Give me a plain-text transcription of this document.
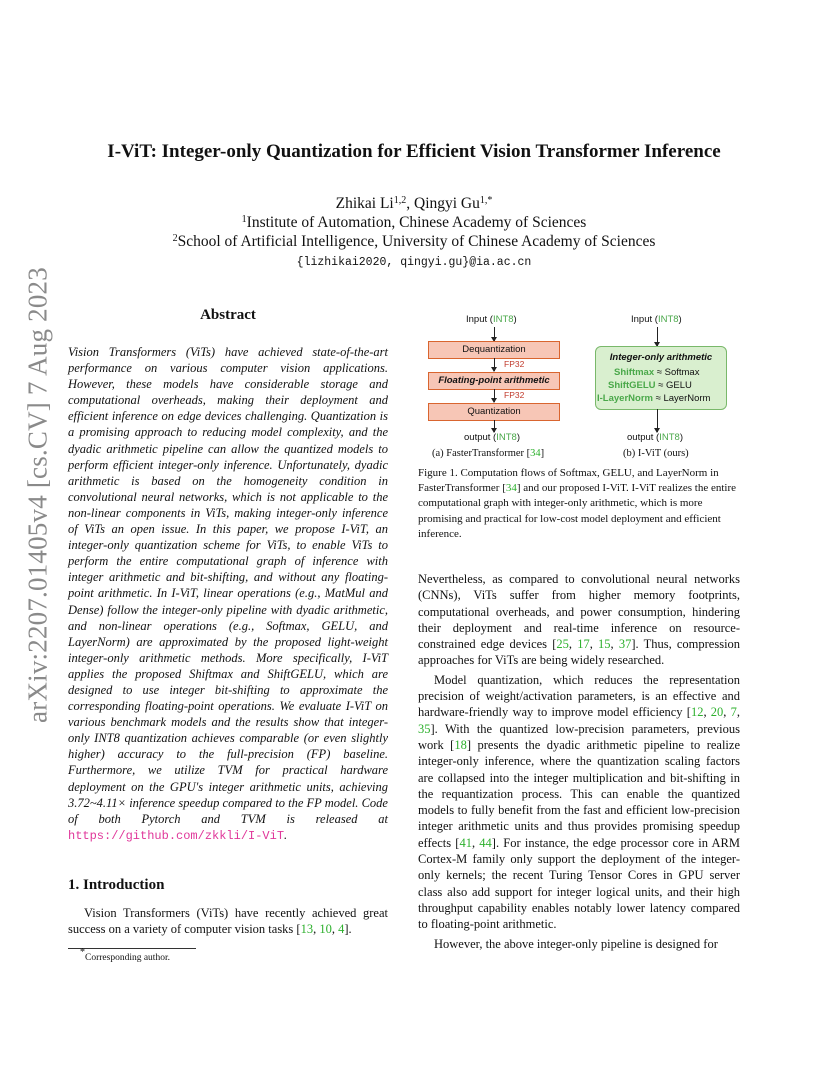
arXiv:2207.01405v4 [cs.CV] 7 Aug 2023
I-ViT: Integer-only Quantization for Efficient Vision Transformer Inference
Zhikai Li$^{1,2}$, Qingyi $Gu^{1,*}$
$^1$Institute of Automation, Chinese Academy of Sciences
$^2$School of Artificial Intelligence, University of Chinese Academy of Sciences
{lizhikai2020, qingyi.gu}@ia.ac.cn
Abstract
Vision Transformers (ViTs) have achieved state-of-the-art performance on various computer vision applications. However, these models have considerable storage and computational overheads, making their deployment and efficient inference on edge devices challenging. Quantization is a promising approach to reducing model complexity, and the dyadic arithmetic pipeline can allow the quantized models to perform efficient integer-only inference. Unfortunately, dyadic arithmetic is based on the homogeneity condition in convolutional neural networks, which is not applicable to the non-linear components in ViTs, making integer-only inference of ViTs an open issue. In this paper, we propose I-ViT, an integer-only quantization scheme for ViTs, to enable ViTs to perform the entire computational graph of inference with integer arithmetic and bit-shifting, and without any floating-point arithmetic. In I-ViT, linear operations (e.g., MatMul and Dense) follow the integer-only pipeline with dyadic arithmetic, and non-linear operations (e.g., Softmax, GELU, and LayerNorm) are approximated by the proposed light-weight integer-only arithmetic methods. More specifically, I-ViT applies the proposed Shiftmax and ShiftGELU, which are designed to use integer bit-shifting to approximate the corresponding floating-point operations. We evaluate I-ViT on various benchmark models and the results show that integer-only INT8 quantization achieves comparable (or even slightly higher) accuracy to the full-precision (FP) baseline. Furthermore, we utilize TVM for practical hardware deployment on the GPU's integer arithmetic units, achieving 3.72~4.11× inference speedup compared to the FP model. Code of both Pytorch and TVM is released at https://github.com/zkkli/I-ViT.
1. Introduction
Vision Transformers (ViTs) have recently achieved great success on a variety of computer vision tasks [13, 10, 4].
*Corresponding author.
Input (INT8)
Dequantization
FP32
Floating-point arithmetic
FP32
Quantization
output (INT8)
(a) FasterTransformer [34]
Input (INT8)
Integer-only arithmetic
Shiftmax ≈ Softmax
ShiftGELU ≈ GELU
I-LayerNorm ≈ LayerNorm
output (INT8)
(b) I-ViT (ours)
Figure 1. Computation flows of Softmax, GELU, and LayerNorm in FasterTransformer [34] and our proposed I-ViT. I-ViT realizes the entire computational graph with integer-only arithmetic, which is more promising and practical for low-cost model deployment and efficient inference.

Nevertheless, as compared to convolutional neural networks (CNNs), ViTs suffer from higher memory footprints, computational overheads, and power consumption, hindering their deployment and real-time inference on resource-constrained edge devices [25, 17, 15, 37]. Thus, compression approaches for ViTs are being widely researched.

Model quantization, which reduces the representation precision of weight/activation parameters, is an effective and hardware-friendly way to improve model efficiency [12, 20, 7, 35]. With the quantized low-precision parameters, previous work [18] presents the dyadic arithmetic pipeline to realize integer-only inference, where the quantization scaling factors are collapsed into the integer multiplication and bit-shifting in the requantization process. This can enable the quantized models to fully benefit from the fast and efficient low-precision integer arithmetic units and thus provides promising speedup effects [41, 44]. For instance, the edge processor core in ARM Cortex-M family only support the deployment of the integer-only kernels; the recent Turing Tensor Cores in GPU server class also add support for integer logical units, and their high throughput capability enables notably lower latency compared to floating-point arithmetic.

However, the above integer-only pipeline is designed for
